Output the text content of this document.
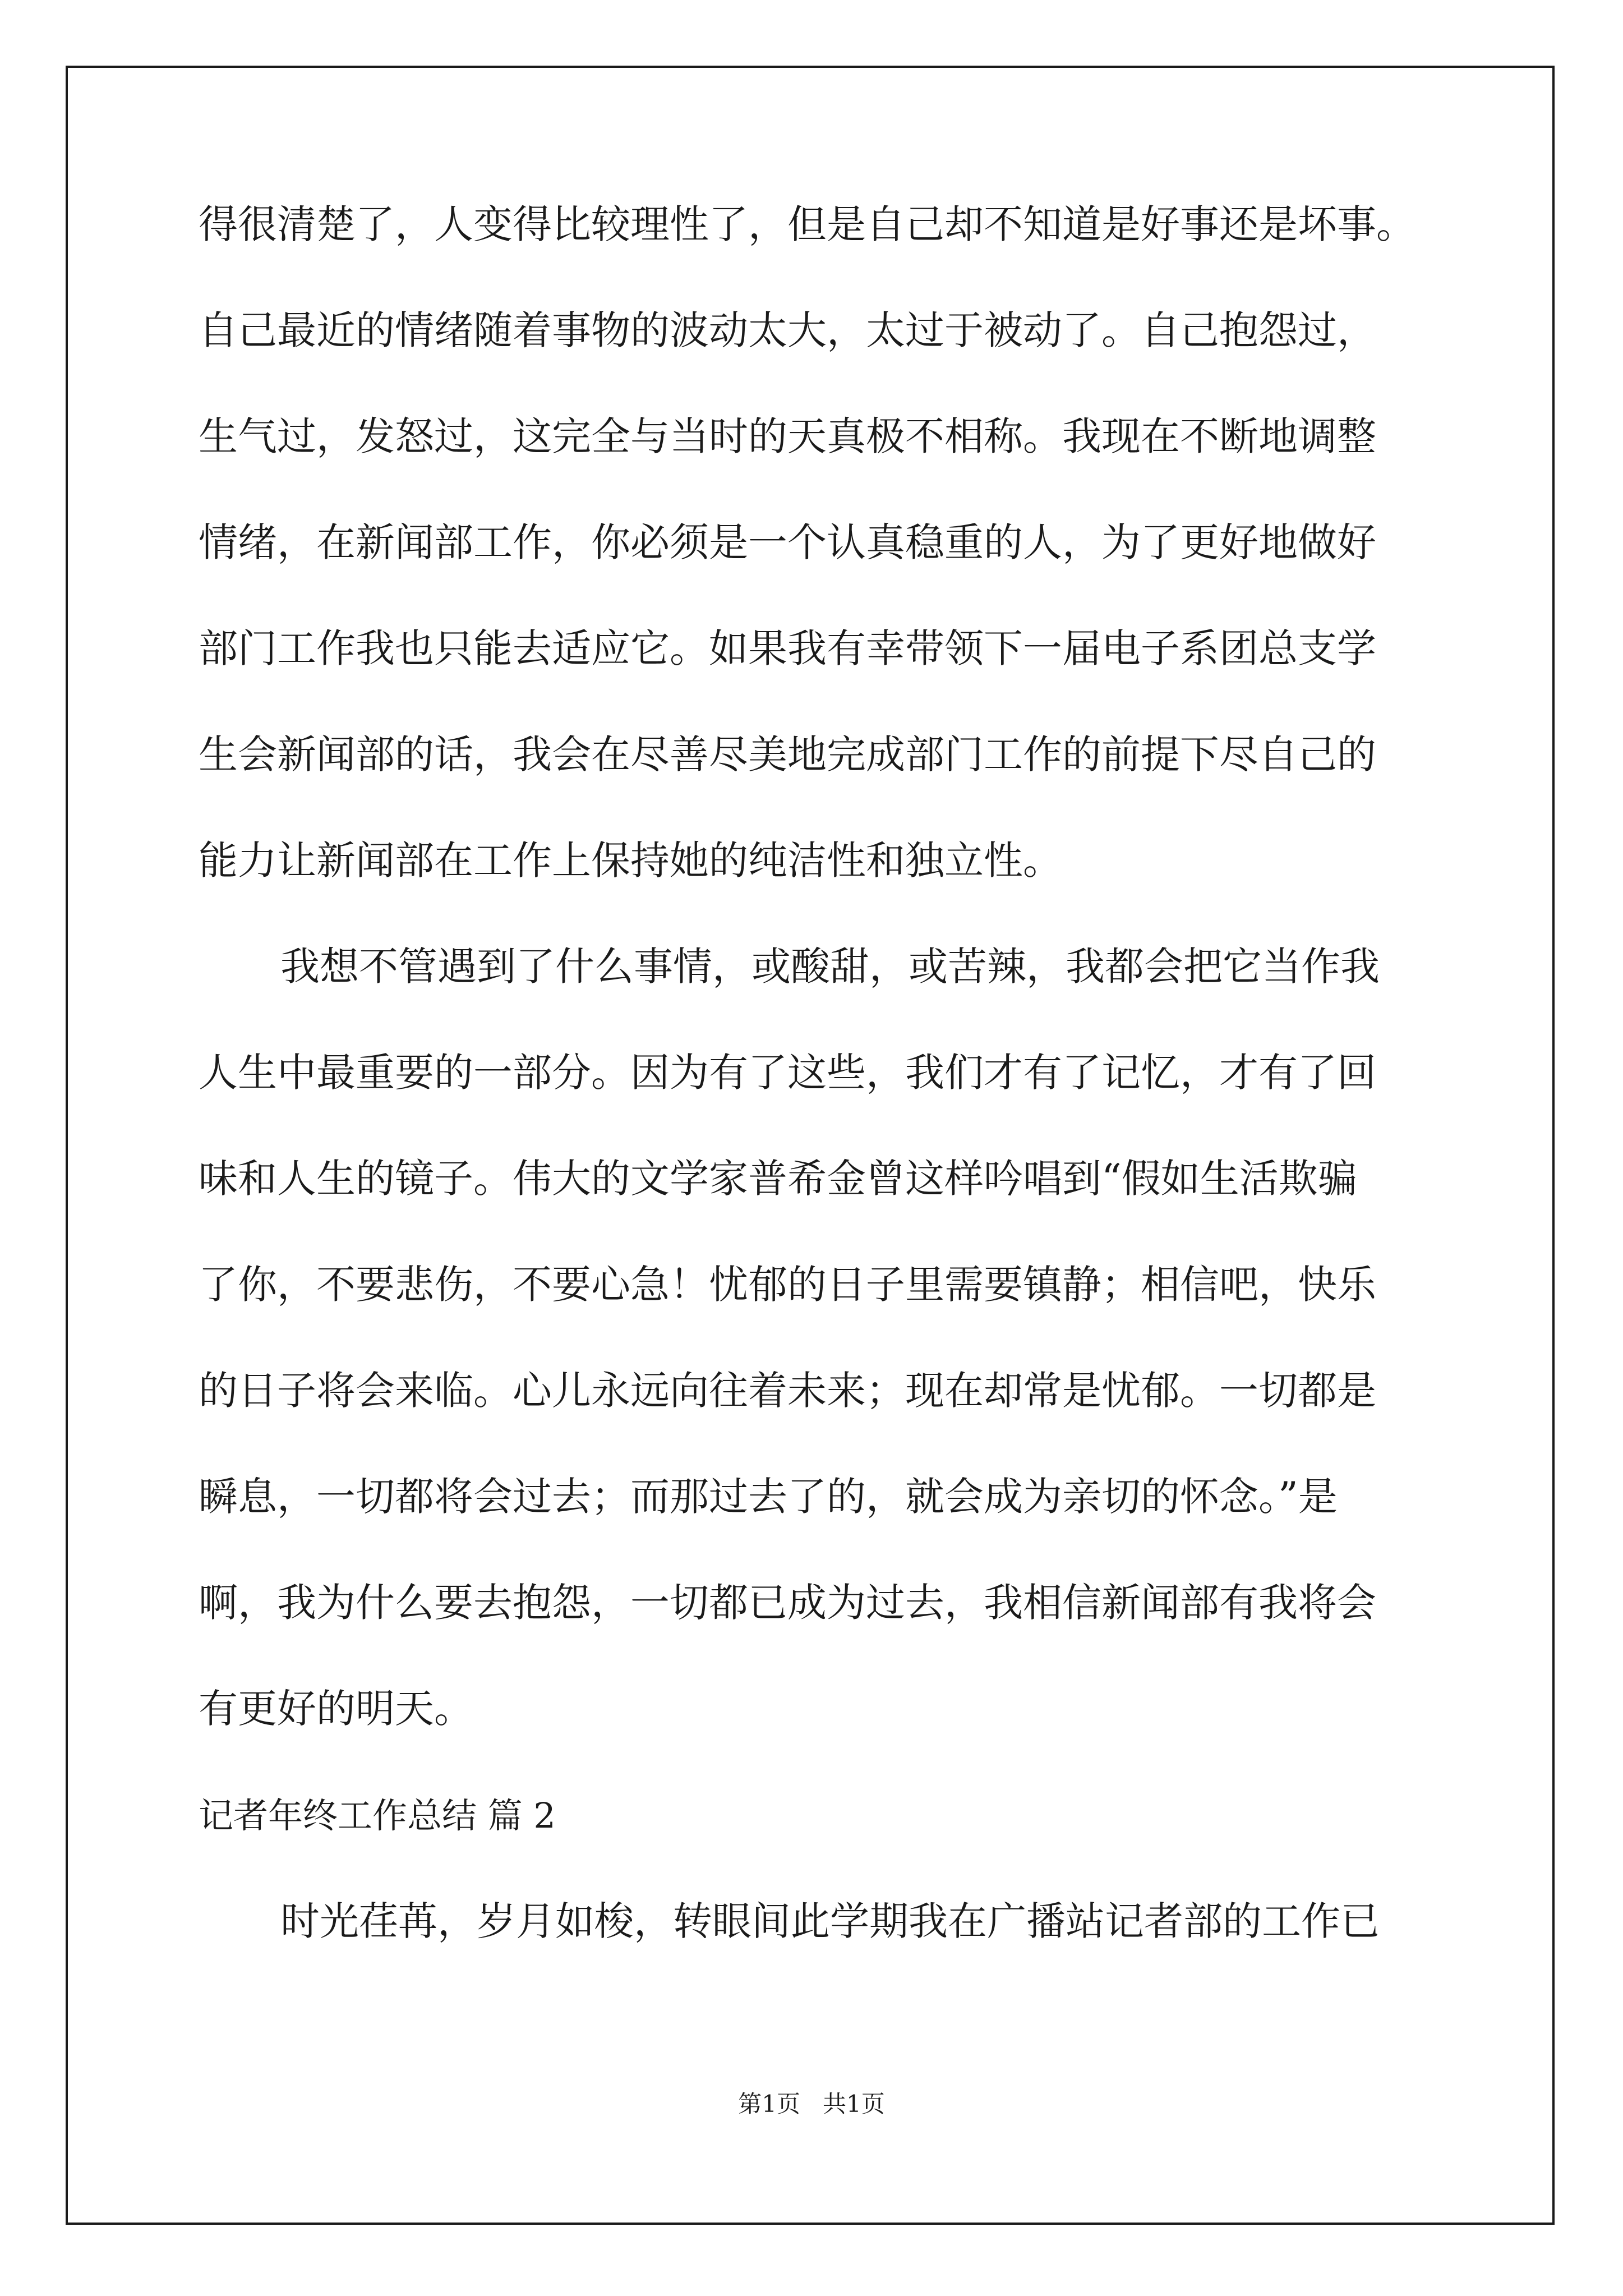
得很清楚了，人变得比较理性了，但是自己却不知道是好事还是坏事。

自己最近的情绪随着事物的波动太大，太过于被动了。自己抱怨过，

生气过，发怒过，这完全与当时的天真极不相称。我现在不断地调整

情绪，在新闻部工作，你必须是一个认真稳重的人，为了更好地做好

部门工作我也只能去适应它。如果我有幸带领下一届电子系团总支学

生会新闻部的话，我会在尽善尽美地完成部门工作的前提下尽自己的

能力让新闻部在工作上保持她的纯洁性和独立性。

我想不管遇到了什么事情，或酸甜，或苦辣，我都会把它当作我

人生中最重要的一部分。因为有了这些，我们才有了记忆，才有了回

味和人生的镜子。伟大的文学家普希金曾这样吟唱到“假如生活欺骗

了你，不要悲伤，不要心急！忧郁的日子里需要镇静；相信吧，快乐

的日子将会来临。心儿永远向往着未来；现在却常是忧郁。一切都是

瞬息，一切都将会过去；而那过去了的，就会成为亲切的怀念。”是

啊，我为什么要去抱怨，一切都已成为过去，我相信新闻部有我将会

有更好的明天。

记者年终工作总结 篇 2

时光荏苒，岁月如梭，转眼间此学期我在广播站记者部的工作已

第1页 共1页
